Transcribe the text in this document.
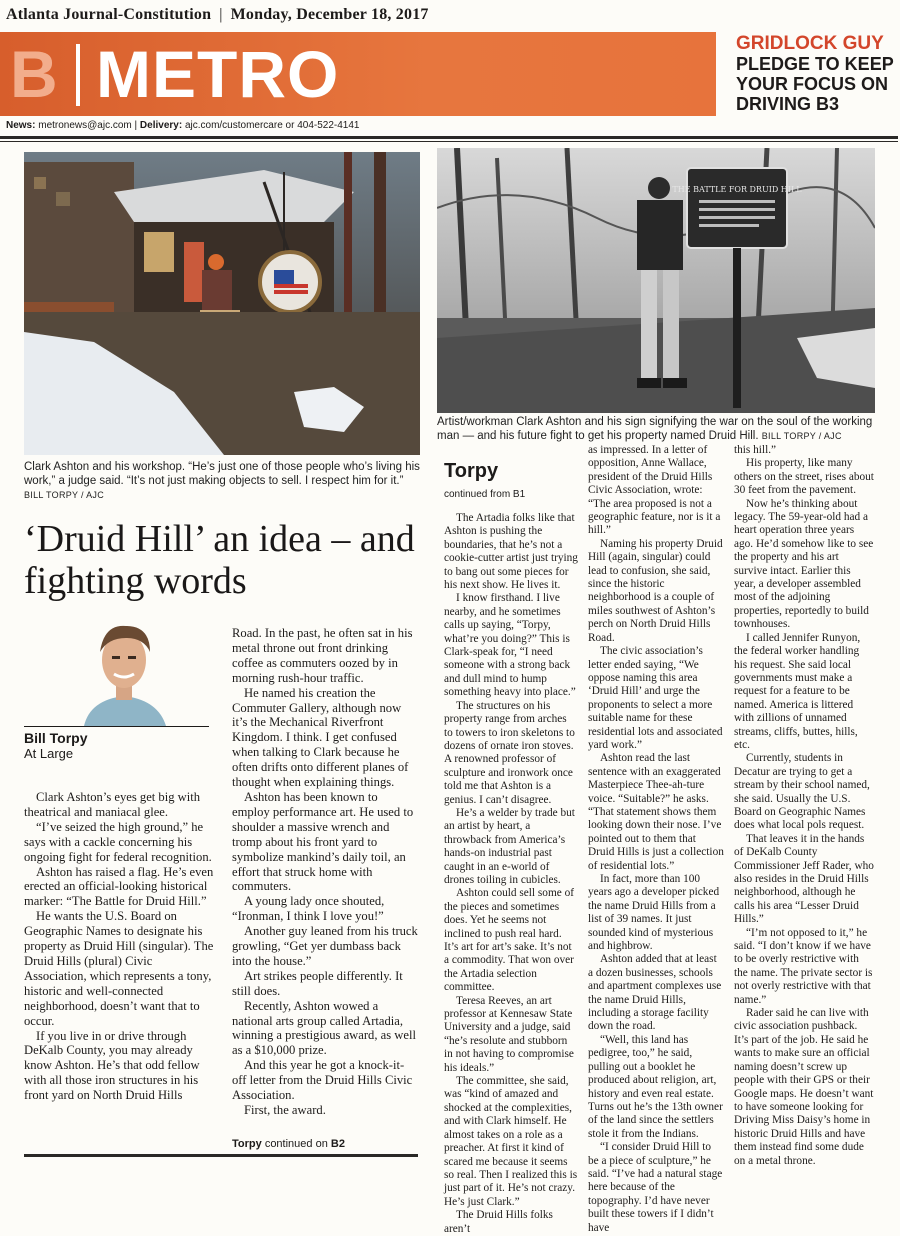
Atlanta Journal-Constitution | Monday, December 18, 2017
B METRO	GRIDLOCK GUY
PLEDGE TO KEEP YOUR FOCUS ON DRIVING B3
News: metronews@ajc.com | Delivery: ajc.com/customercare or 404-522-4141
Clark Ashton and his workshop. “He’s just one of those people who’s living his work,” a judge said. “It’s not just making objects to sell. I respect him for it.” BILL TORPY / AJC
THE BATTLE FOR DRUID HILL
Artist/workman Clark Ashton and his sign signifying the war on the soul of the working man — and his future fight to get his property named Druid Hill. BILL TORPY / AJC
‘Druid Hill’ an idea – and fighting words
Bill Torpy
At Large

Clark Ashton’s eyes get big with theatrical and maniacal glee.

“I’ve seized the high ground,” he says with a cackle concerning his ongoing fight for federal recognition.

Ashton has raised a flag. He’s even erected an official-looking historical marker: “The Battle for Druid Hill.”

He wants the U.S. Board on Geographic Names to designate his property as Druid Hill (singular). The Druid Hills (plural) Civic Association, which represents a tony, historic and well-connected neighborhood, doesn’t want that to occur.

If you live in or drive through DeKalb County, you may already know Ashton. He’s that odd fellow with all those iron structures in his front yard on North Druid Hills

Road. In the past, he often sat in his metal throne out front drinking coffee as commuters oozed by in morning rush-hour traffic.

He named his creation the Commuter Gallery, although now it’s the Mechanical Riverfront Kingdom. I think. I get confused when talking to Clark because he often drifts onto different planes of thought when explaining things.

Ashton has been known to employ performance art. He used to shoulder a massive wrench and tromp about his front yard to symbolize mankind’s daily toil, an effort that struck home with commuters.

A young lady once shouted, “Ironman, I think I love you!”

Another guy leaned from his truck growling, “Get yer dumbass back into the house.”

Art strikes people differently. It still does.

Recently, Ashton wowed a national arts group called Artadia, winning a prestigious award, as well as a $10,000 prize.

And this year he got a knock-it-off letter from the Druid Hills Civic Association.

First, the award.

Torpy continued on B2
Torpy
continued from B1

The Artadia folks like that Ashton is pushing the boundaries, that he’s not a cookie-cutter artist just trying to bang out some pieces for his next show. He lives it.

I know firsthand. I live nearby, and he sometimes calls up saying, “Torpy, what’re you doing?” This is Clark-speak for, “I need someone with a strong back and dull mind to hump something heavy into place.”

The structures on his property range from arches to towers to iron skeletons to dozens of ornate iron stoves. A renowned professor of sculpture and ironwork once told me that Ashton is a genius. I can’t disagree.

He’s a welder by trade but an artist by heart, a throwback from America’s hands-on industrial past caught in an e-world of drones toiling in cubicles.

Ashton could sell some of the pieces and sometimes does. Yet he seems not inclined to push real hard. It’s art for art’s sake. It’s not a commodity. That won over the Artadia selection committee.

Teresa Reeves, an art professor at Kennesaw State University and a judge, said “he’s resolute and stubborn in not having to compromise his ideals.”

The committee, she said, was “kind of amazed and shocked at the complexities, and with Clark himself. He almost takes on a role as a preacher. At first it kind of scared me because it seems so real. Then I realized this is just part of it. He’s not crazy. He’s just Clark.”

The Druid Hills folks aren’t

as impressed. In a letter of opposition, Anne Wallace, president of the Druid Hills Civic Association, wrote: “The area proposed is not a geographic feature, nor is it a hill.”

Naming his property Druid Hill (again, singular) could lead to confusion, she said, since the historic neighborhood is a couple of miles southwest of Ashton’s perch on North Druid Hills Road.

The civic association’s letter ended saying, “We oppose naming this area ‘Druid Hill’ and urge the proponents to select a more suitable name for these residential lots and associated yard work.”

Ashton read the last sentence with an exaggerated Masterpiece Thee-ah-ture voice. “Suitable?” he asks. “That statement shows them looking down their nose. I’ve pointed out to them that Druid Hills is just a collection of residential lots.”

In fact, more than 100 years ago a developer picked the name Druid Hills from a list of 39 names. It just sounded kind of mysterious and highbrow.

Ashton added that at least a dozen businesses, schools and apartment complexes use the name Druid Hills, including a storage facility down the road.

“Well, this land has pedigree, too,” he said, pulling out a booklet he produced about religion, art, history and even real estate. Turns out he’s the 13th owner of the land since the settlers stole it from the Indians.

“I consider Druid Hill to be a piece of sculpture,” he said. “I’ve had a natural stage here because of the topography. I’d have never built these towers if I didn’t have

this hill.”

His property, like many others on the street, rises about 30 feet from the pavement.

Now he’s thinking about legacy. The 59-year-old had a heart operation three years ago. He’d somehow like to see the property and his art survive intact. Earlier this year, a developer assembled most of the adjoining properties, reportedly to build townhouses.

I called Jennifer Runyon, the federal worker handling his request. She said local governments must make a request for a feature to be named. America is littered with zillions of unnamed streams, cliffs, buttes, hills, etc.

Currently, students in Decatur are trying to get a stream by their school named, she said. Usually the U.S. Board on Geographic Names does what local pols request.

That leaves it in the hands of DeKalb County Commissioner Jeff Rader, who also resides in the Druid Hills neighborhood, although he calls his area “Lesser Druid Hills.”

“I’m not opposed to it,” he said. “I don’t know if we have to be overly restrictive with the name. The private sector is not overly restrictive with that name.”

Rader said he can live with civic association pushback. It’s part of the job. He said he wants to make sure an official naming doesn’t screw up people with their GPS or their Google maps. He doesn’t want to have someone looking for Driving Miss Daisy’s home in historic Druid Hills and have them instead find some dude on a metal throne.
